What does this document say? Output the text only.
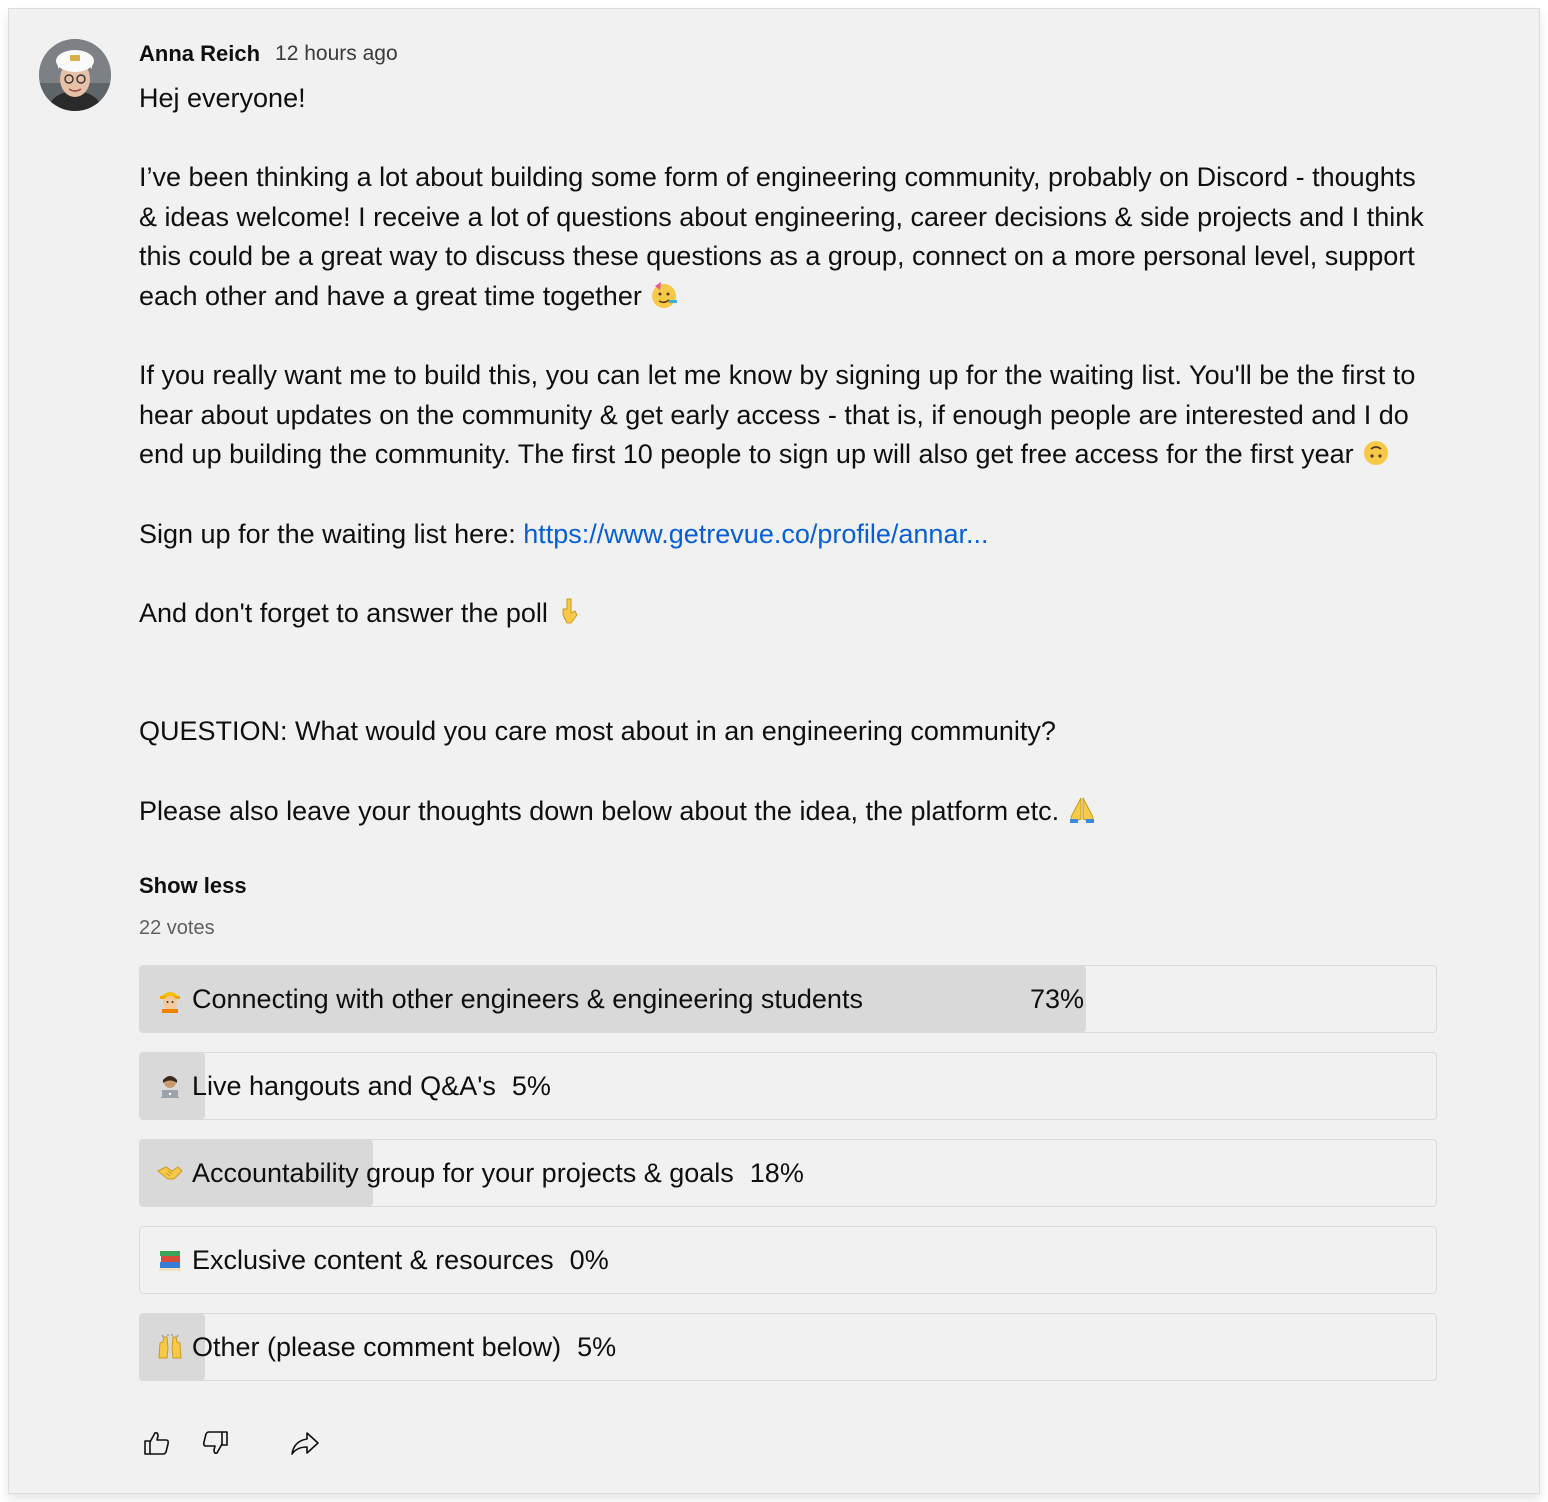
Anna Reich 12 hours ago
Hej everyone!
I’ve been thinking a lot about building some form of engineering community, probably on Discord - thoughts & ideas welcome! I receive a lot of questions about engineering, career decisions & side projects and I think this could be a great way to discuss these questions as a group, connect on a more personal level, support each other and have a great time together
If you really want me to build this, you can let me know by signing up for the waiting list. You'll be the first to hear about updates on the community & get early access - that is, if enough people are interested and I do end up building the community. The first 10 people to sign up will also get free access for the first year
Sign up for the waiting list here: https://www.getrevue.co/profile/annar...
And don't forget to answer the poll
QUESTION: What would you care most about in an engineering community?
Please also leave your thoughts down below about the idea, the platform etc.
Show less
22 votes
Connecting with other engineers & engineering students	73%
Live hangouts and Q&A's 5%
Accountability group for your projects & goals 18%
Exclusive content & resources 0%
Other (please comment below) 5%
